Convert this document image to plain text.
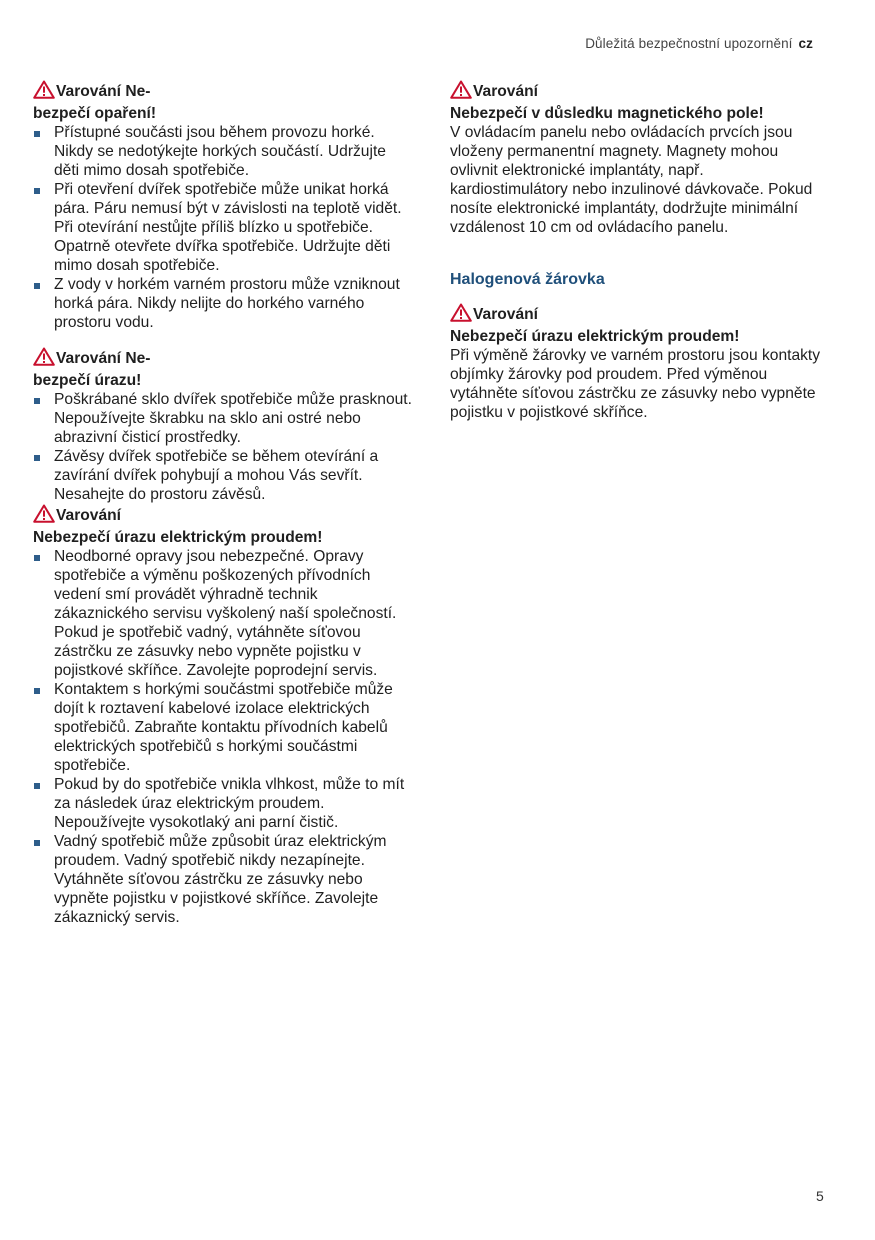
Důležitá bezpečnostní upozornění cz
Varování Ne-
bezpečí opaření!
Přístupné součásti jsou během provozu horké. Nikdy se nedotýkejte horkých součástí. Udržujte děti mimo dosah spotřebiče.
Při otevření dvířek spotřebiče může unikat horká pára. Páru nemusí být v závislosti na teplotě vidět. Při otevírání nestůjte příliš blízko u spotřebiče. Opatrně otevřete dvířka spotřebiče. Udržujte děti mimo dosah spotřebiče.
Z vody v horkém varném prostoru může vzniknout horká pára. Nikdy nelijte do horkého varného prostoru vodu.
Varování Ne-
bezpečí úrazu!
Poškrábané sklo dvířek spotřebiče může prasknout. Nepoužívejte škrabku na sklo ani ostré nebo abrazivní čisticí prostředky.
Závěsy dvířek spotřebiče se během otevírání a zavírání dvířek pohybují a mohou Vás sevřít. Nesahejte do prostoru závěsů.
Varování
Nebezpečí úrazu elektrickým proudem!
Neodborné opravy jsou nebezpečné. Opravy spotřebiče a výměnu poškozených přívodních vedení smí provádět výhradně technik zákaznického servisu vyškolený naší společností. Pokud je spotřebič vadný, vytáhněte síťovou zástrčku ze zásuvky nebo vypněte pojistku v pojistkové skříňce. Zavolejte poprodejní servis.
Kontaktem s horkými součástmi spotřebiče může dojít k roztavení kabelové izolace elektrických spotřebičů. Zabraňte kontaktu přívodních kabelů elektrických spotřebičů s horkými součástmi spotřebiče.
Pokud by do spotřebiče vnikla vlhkost, může to mít za následek úraz elektrickým proudem. Nepoužívejte vysokotlaký ani parní čistič.
Vadný spotřebič může způsobit úraz elektrickým proudem. Vadný spotřebič nikdy nezapínejte. Vytáhněte síťovou zástrčku ze zásuvky nebo vypněte pojistku v pojistkové skříňce. Zavolejte zákaznický servis.
Varování
Nebezpečí v důsledku magnetického pole!
V ovládacím panelu nebo ovládacích prvcích jsou vloženy permanentní magnety. Magnety mohou ovlivnit elektronické implantáty, např. kardiostimulátory nebo inzulinové dávkovače. Pokud nosíte elektronické implantáty, dodržujte minimální vzdálenost 10 cm od ovládacího panelu.
Halogenová žárovka
Varování
Nebezpečí úrazu elektrickým proudem!
Při výměně žárovky ve varném prostoru jsou kontakty objímky žárovky pod proudem. Před výměnou vytáhněte síťovou zástrčku ze zásuvky nebo vypněte pojistku v pojistkové skříňce.
5
